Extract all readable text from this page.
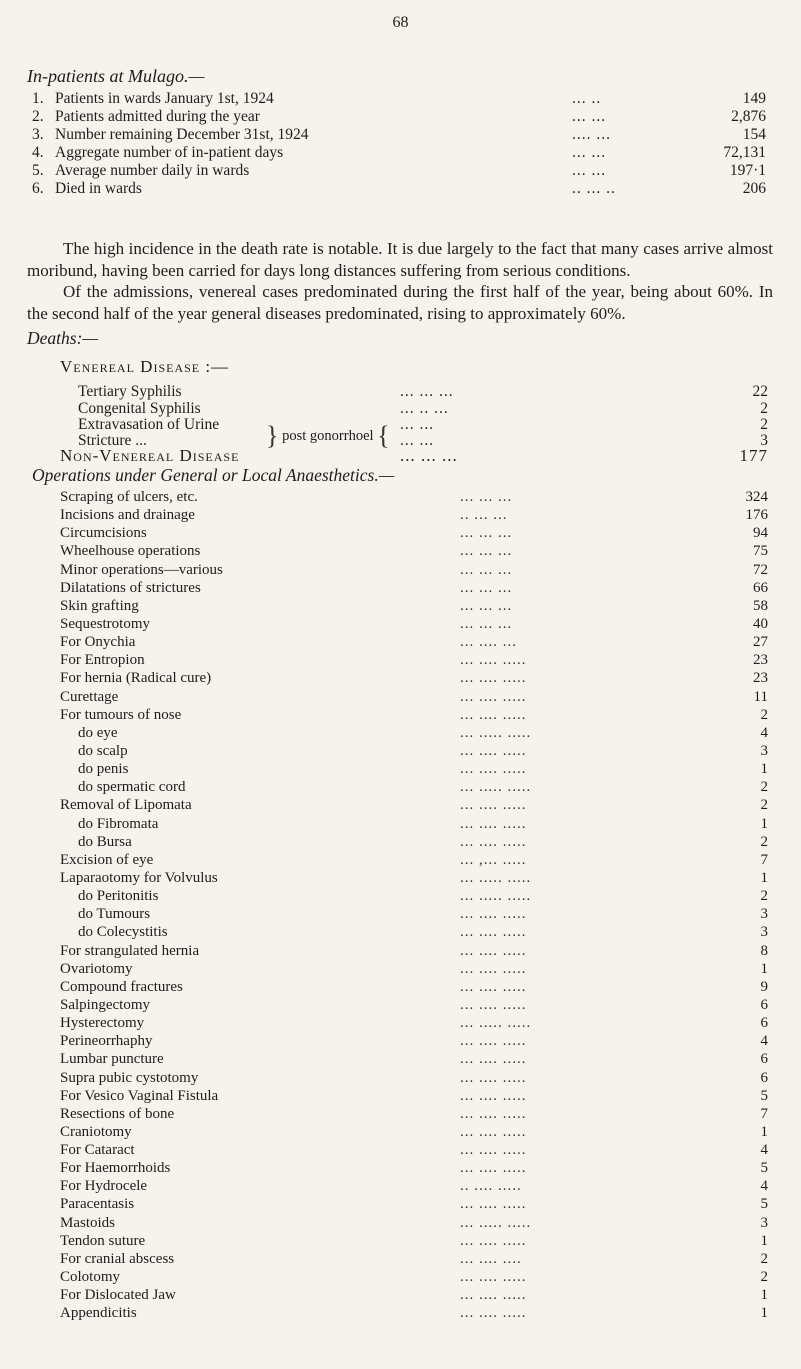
68
In-patients at Mulago.—
1. Patients in wards January 1st, 1924	... ..	149
2. Patients admitted during the year	... ...	2,876
3. Number remaining December 31st, 1924	.... ...	154
4. Aggregate number of in-patient days	... ...	72,131
5. Average number daily in wards	... ...	197·1
6. Died in wards	.. ... ..	206
The high incidence in the death rate is notable. It is due largely to the fact that many cases arrive almost moribund, having been carried for days long distances suffering from serious conditions.
Of the admissions, venereal cases predominated during the first half of the year, being about 60%. In the second half of the year general diseases predominated, rising to approximately 60%.
Deaths:—
Venereal Disease :—
Tertiary Syphilis	... ... ...	22
Congenital Syphilis	... .. ...	2
Extravasation of Urine	... ...	2
Stricture ...	... ...	3
} post gonorrhoel {
Non-Venereal Disease	... ... ...	177
Operations under General or Local Anaesthetics.—
Scraping of ulcers, etc.	... ... ...	324
Incisions and drainage	.. ... ...	176
Circumcisions	... ... ...	94
Wheelhouse operations	... ... ...	75
Minor operations—various	... ... ...	72
Dilatations of strictures	... ... ...	66
Skin grafting	... ... ...	58
Sequestrotomy	... ... ...	40
For Onychia	... .... ...	27
For Entropion	... .... .....	23
For hernia (Radical cure)	... .... .....	23
Curettage	... .... .....	11
For tumours of nose	... .... .....	2
do eye	... ..... .....	4
do scalp	... .... .....	3
do penis	... .... .....	1
do spermatic cord	... ..... .....	2
Removal of Lipomata	... .... .....	2
do Fibromata	... .... .....	1
do Bursa	... .... .....	2
Excision of eye	... ,... .....	7
Laparaotomy for Volvulus	... ..... .....	1
do Peritonitis	... ..... .....	2
do Tumours	... .... .....	3
do Colecystitis	... .... .....	3
For strangulated hernia	... .... .....	8
Ovariotomy	... .... .....	1
Compound fractures	... .... .....	9
Salpingectomy	... .... .....	6
Hysterectomy	... ..... .....	6
Perineorrhaphy	... .... .....	4
Lumbar puncture	... .... .....	6
Supra pubic cystotomy	... .... .....	6
For Vesico Vaginal Fistula	... .... .....	5
Resections of bone	... .... .....	7
Craniotomy	... .... .....	1
For Cataract	... .... .....	4
For Haemorrhoids	... .... .....	5
For Hydrocele	.. .... .....	4
Paracentasis	... .... .....	5
Mastoids	... ..... .....	3
Tendon suture	... .... .....	1
For cranial abscess	... .... ....	2
Colotomy	... .... .....	2
For Dislocated Jaw	... .... .....	1
Appendicitis	... .... .....	1
